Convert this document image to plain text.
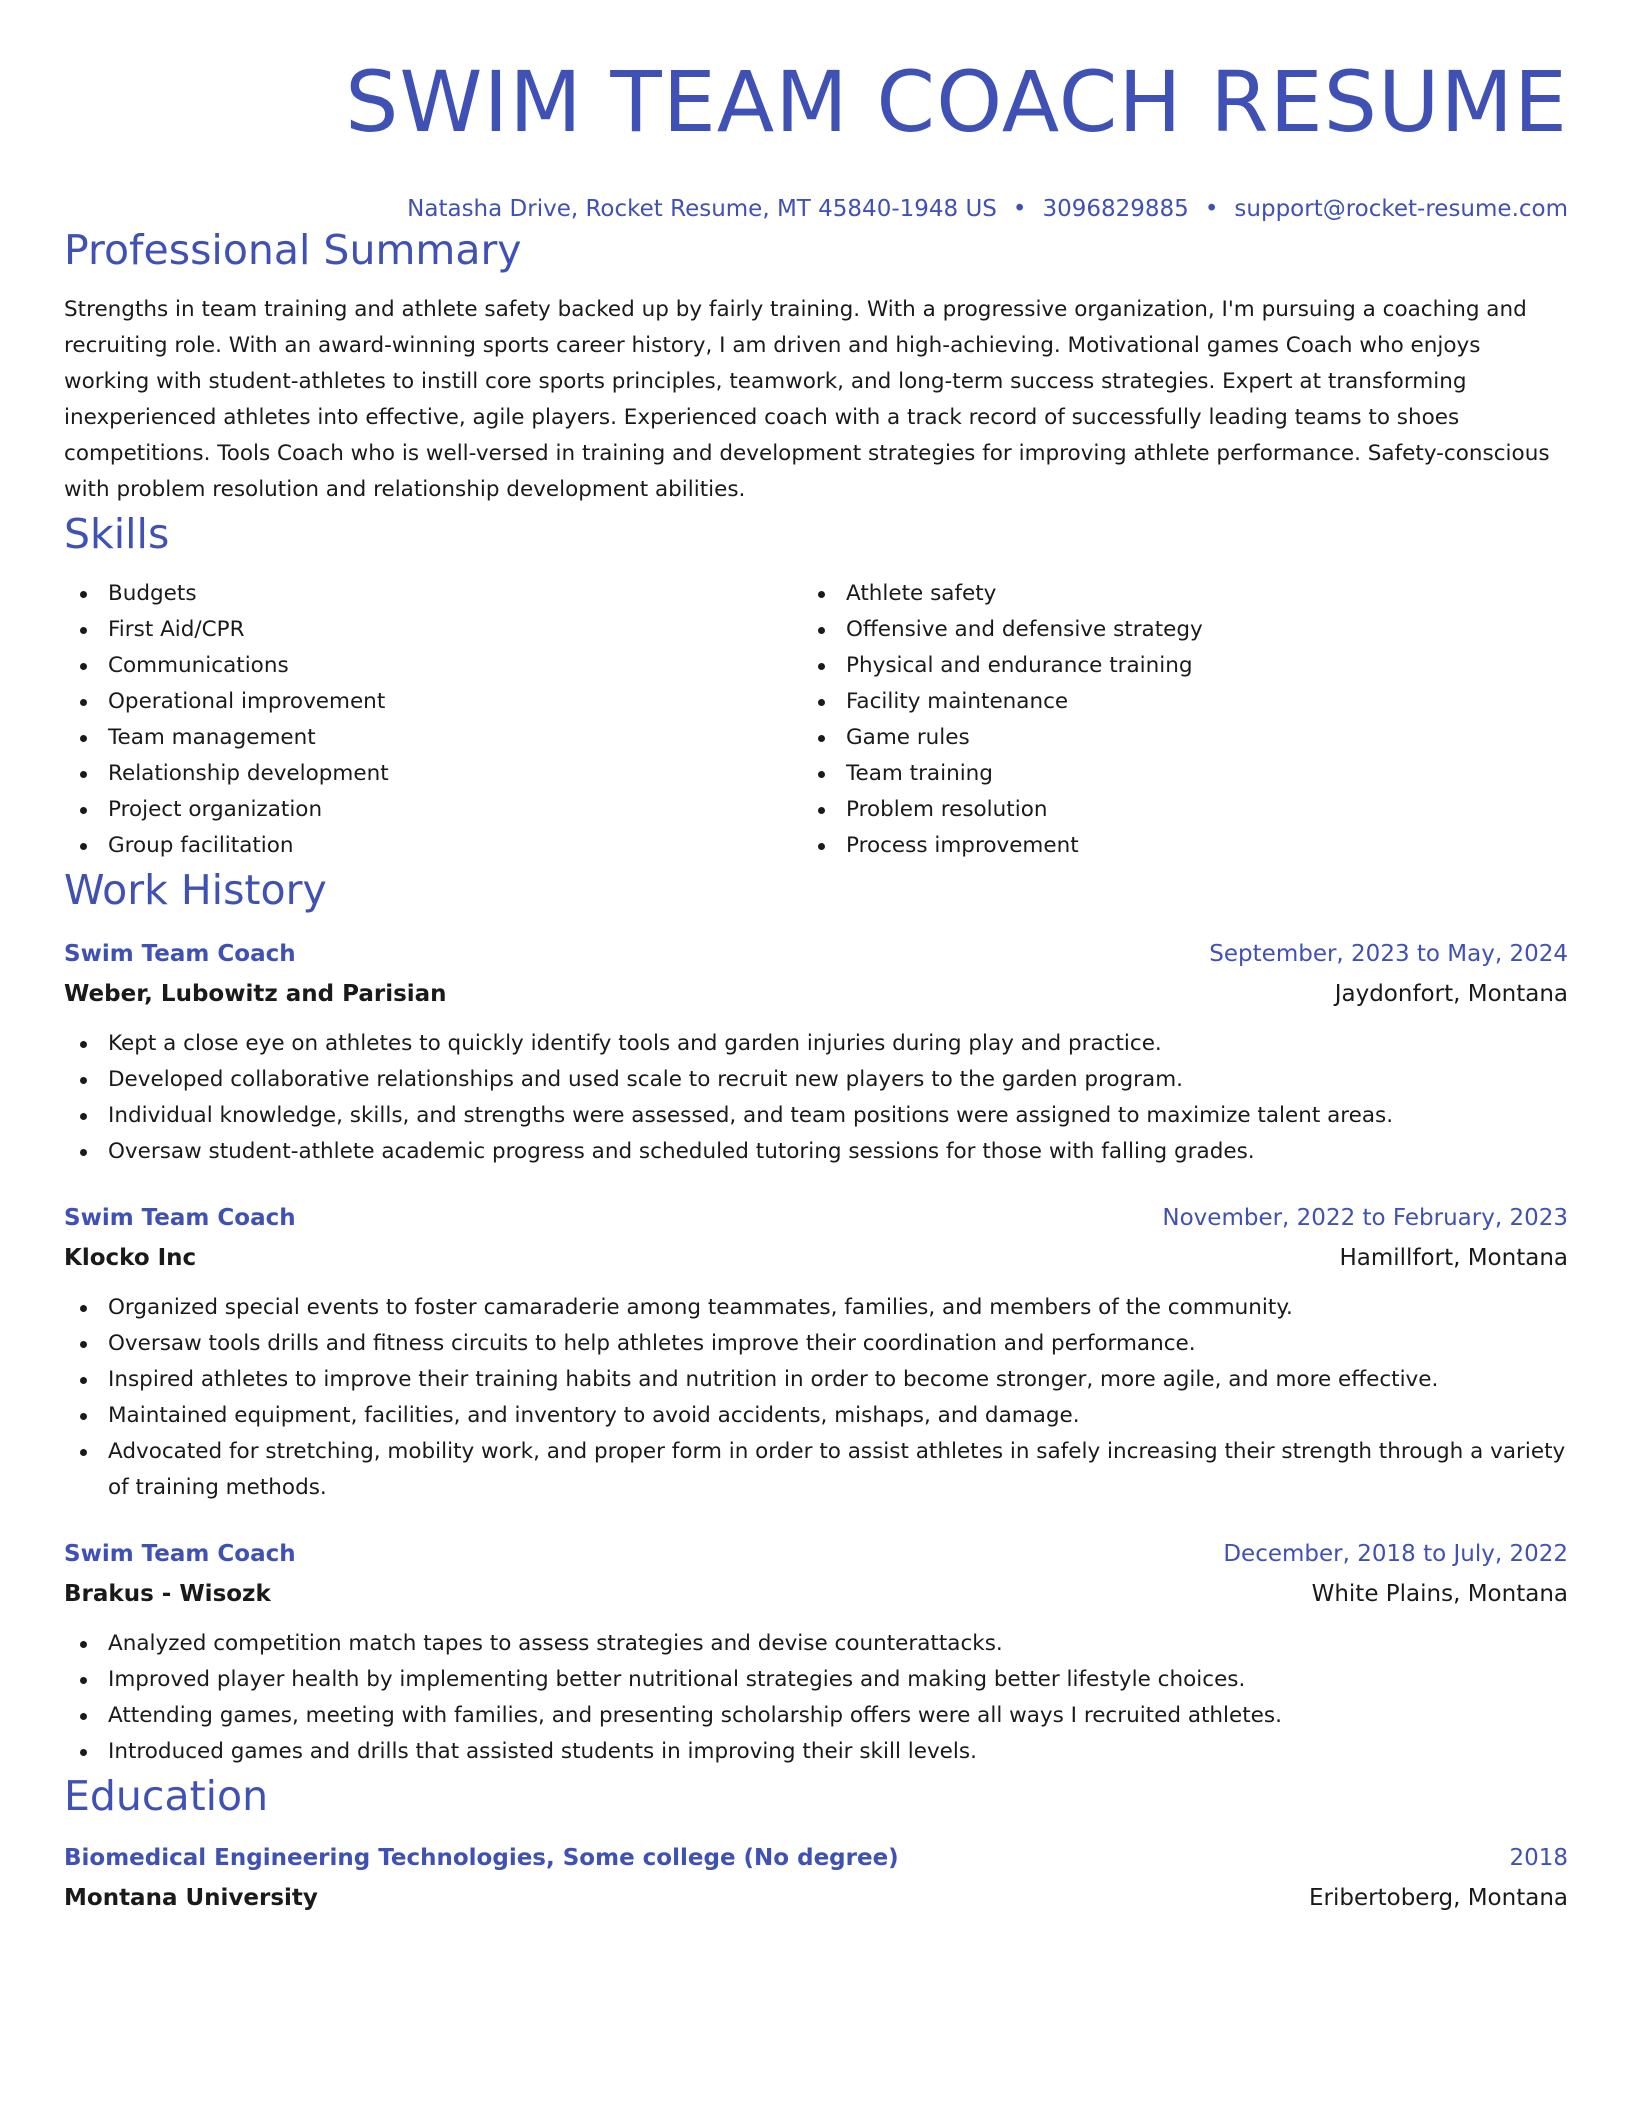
SWIM TEAM COACH RESUME
Natasha Drive, Rocket Resume, MT 45840-1948 US • 3096829885 • support@rocket-resume.com
Professional Summary
Strengths in team training and athlete safety backed up by fairly training. With a progressive organization, I'm pursuing a coaching and recruiting role. With an award-winning sports career history, I am driven and high-achieving. Motivational games Coach who enjoys working with student-athletes to instill core sports principles, teamwork, and long-term success strategies. Expert at transforming inexperienced athletes into effective, agile players. Experienced coach with a track record of successfully leading teams to shoes competitions. Tools Coach who is well-versed in training and development strategies for improving athlete performance. Safety-conscious with problem resolution and relationship development abilities.
Skills
Budgets
First Aid/CPR
Communications
Operational improvement
Team management
Relationship development
Project organization
Group facilitation
Athlete safety
Offensive and defensive strategy
Physical and endurance training
Facility maintenance
Game rules
Team training
Problem resolution
Process improvement
Work History
Swim Team Coach	September, 2023 to May, 2024
Weber, Lubowitz and Parisian	Jaydonfort, Montana
Kept a close eye on athletes to quickly identify tools and garden injuries during play and practice.
Developed collaborative relationships and used scale to recruit new players to the garden program.
Individual knowledge, skills, and strengths were assessed, and team positions were assigned to maximize talent areas.
Oversaw student-athlete academic progress and scheduled tutoring sessions for those with falling grades.
Swim Team Coach	November, 2022 to February, 2023
Klocko Inc	Hamillfort, Montana
Organized special events to foster camaraderie among teammates, families, and members of the community.
Oversaw tools drills and fitness circuits to help athletes improve their coordination and performance.
Inspired athletes to improve their training habits and nutrition in order to become stronger, more agile, and more effective.
Maintained equipment, facilities, and inventory to avoid accidents, mishaps, and damage.
Advocated for stretching, mobility work, and proper form in order to assist athletes in safely increasing their strength through a variety of training methods.
Swim Team Coach	December, 2018 to July, 2022
Brakus - Wisozk	White Plains, Montana
Analyzed competition match tapes to assess strategies and devise counterattacks.
Improved player health by implementing better nutritional strategies and making better lifestyle choices.
Attending games, meeting with families, and presenting scholarship offers were all ways I recruited athletes.
Introduced games and drills that assisted students in improving their skill levels.
Education
Biomedical Engineering Technologies, Some college (No degree)	2018
Montana University	Eribertoberg, Montana
